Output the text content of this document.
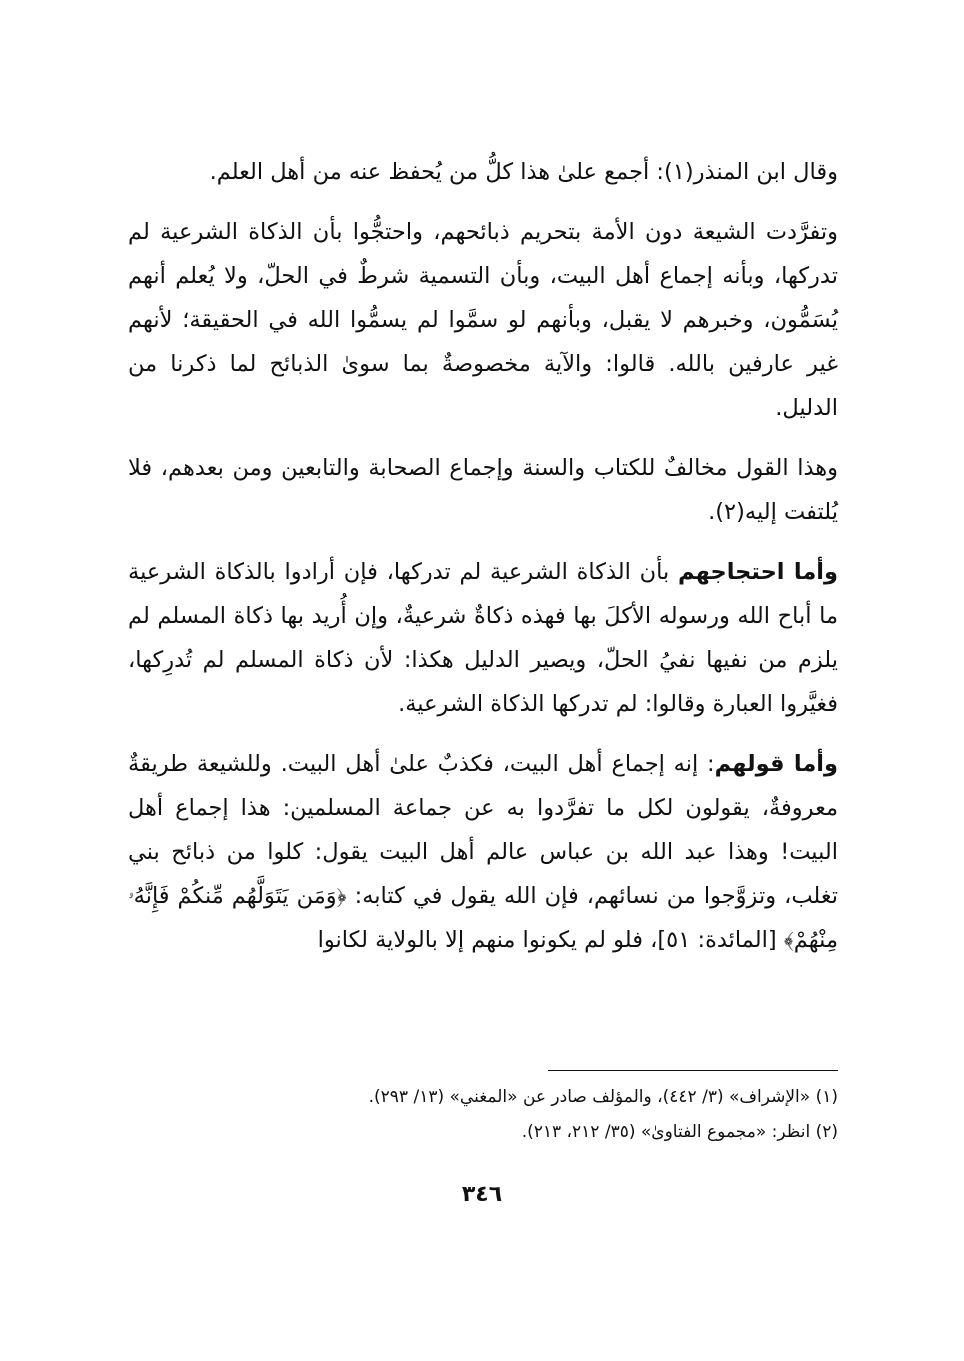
وقال ابن المنذر(١): أجمع علىٰ هذا كلُّ من يُحفظ عنه من أهل العلم.

وتفرَّدت الشيعة دون الأمة بتحريم ذبائحهم، واحتجُّوا بأن الذكاة الشرعية لم تدركها، وبأنه إجماع أهل البيت، وبأن التسمية شرطٌ في الحلّ، ولا يُعلم أنهم يُسَمُّون، وخبرهم لا يقبل، وبأنهم لو سمَّوا لم يسمُّوا الله في الحقيقة؛ لأنهم غير عارفين بالله. قالوا: والآية مخصوصةٌ بما سوىٰ الذبائح لما ذكرنا من الدليل.

وهذا القول مخالفٌ للكتاب والسنة وإجماع الصحابة والتابعين ومن بعدهم، فلا يُلتفت إليه(٢).

وأما احتجاجهم بأن الذكاة الشرعية لم تدركها، فإن أرادوا بالذكاة الشرعية ما أباح الله ورسوله الأكلَ بها فهذه ذكاةٌ شرعيةٌ، وإن أُريد بها ذكاة المسلم لم يلزم من نفيها نفيُ الحلّ، ويصير الدليل هكذا: لأن ذكاة المسلم لم تُدرِكها، فغيَّروا العبارة وقالوا: لم تدركها الذكاة الشرعية.

وأما قولهم: إنه إجماع أهل البيت، فكذبٌ علىٰ أهل البيت. وللشيعة طريقةٌ معروفةٌ، يقولون لكل ما تفرَّدوا به عن جماعة المسلمين: هذا إجماع أهل البيت! وهذا عبد الله بن عباس عالم أهل البيت يقول: كلوا من ذبائح بني تغلب، وتزوَّجوا من نسائهم، فإن الله يقول في كتابه: ﴿وَمَن يَتَوَلَّهُم مِّنكُمْ فَإِنَّهُۥ مِنْهُمْ﴾ [المائدة: ٥١]، فلو لم يكونوا منهم إلا بالولاية لكانوا

(١) «الإشراف» (٣/ ٤٤٢)، والمؤلف صادر عن «المغني» (١٣/ ٢٩٣).

(٢) انظر: «مجموع الفتاوىٰ» (٣٥/ ٢١٢، ٢١٣).

٣٤٦
